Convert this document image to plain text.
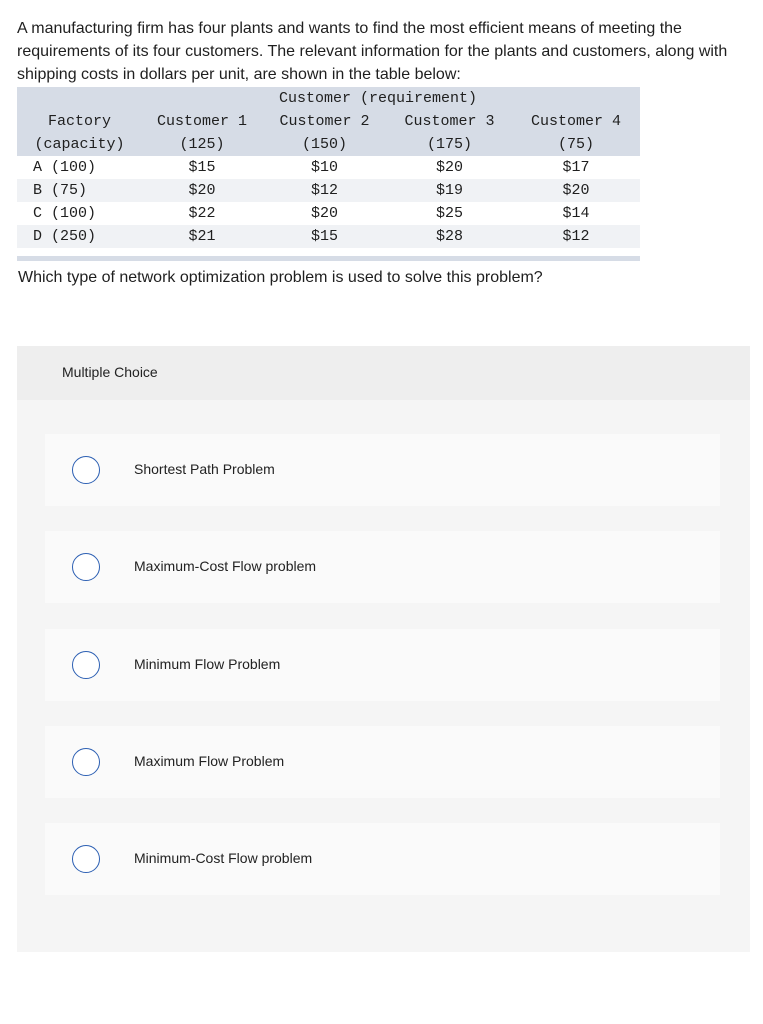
A manufacturing firm has four plants and wants to find the most efficient means of meeting the requirements of its four customers. The relevant information for the plants and customers, along with shipping costs in dollars per unit, are shown in the table below:

	Customer (requirement)			
Factory	Customer 1	Customer 2	Customer 3	Customer 4
(capacity)	(125)	(150)	(175)	(75)
A (100)	$15	$10	$20	$17
B (75)	$20	$12	$19	$20
C (100)	$22	$20	$25	$14
D (250)	$21	$15	$28	$12

Which type of network optimization problem is used to solve this problem?

Multiple Choice
Shortest Path Problem
Maximum-Cost Flow problem
Minimum Flow Problem
Maximum Flow Problem
Minimum-Cost Flow problem
